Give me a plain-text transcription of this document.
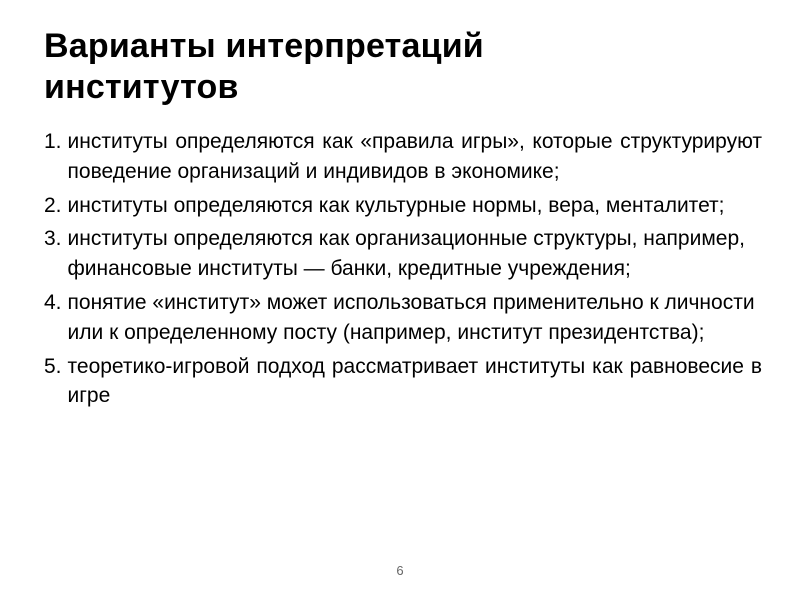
Варианты интерпретаций институтов
1. институты определяются как «правила игры», которые структурируют поведение организаций и индивидов в экономике;
2. институты определяются как культурные нормы, вера, менталитет;
3. институты определяются как организационные структуры, например, финансовые институты — банки, кредитные учреждения;
4. понятие «институт» может использоваться применительно к личности или к определенному посту (например, институт президентства);
5. теоретико-игровой подход рассматривает институты как равновесие в игре
6
